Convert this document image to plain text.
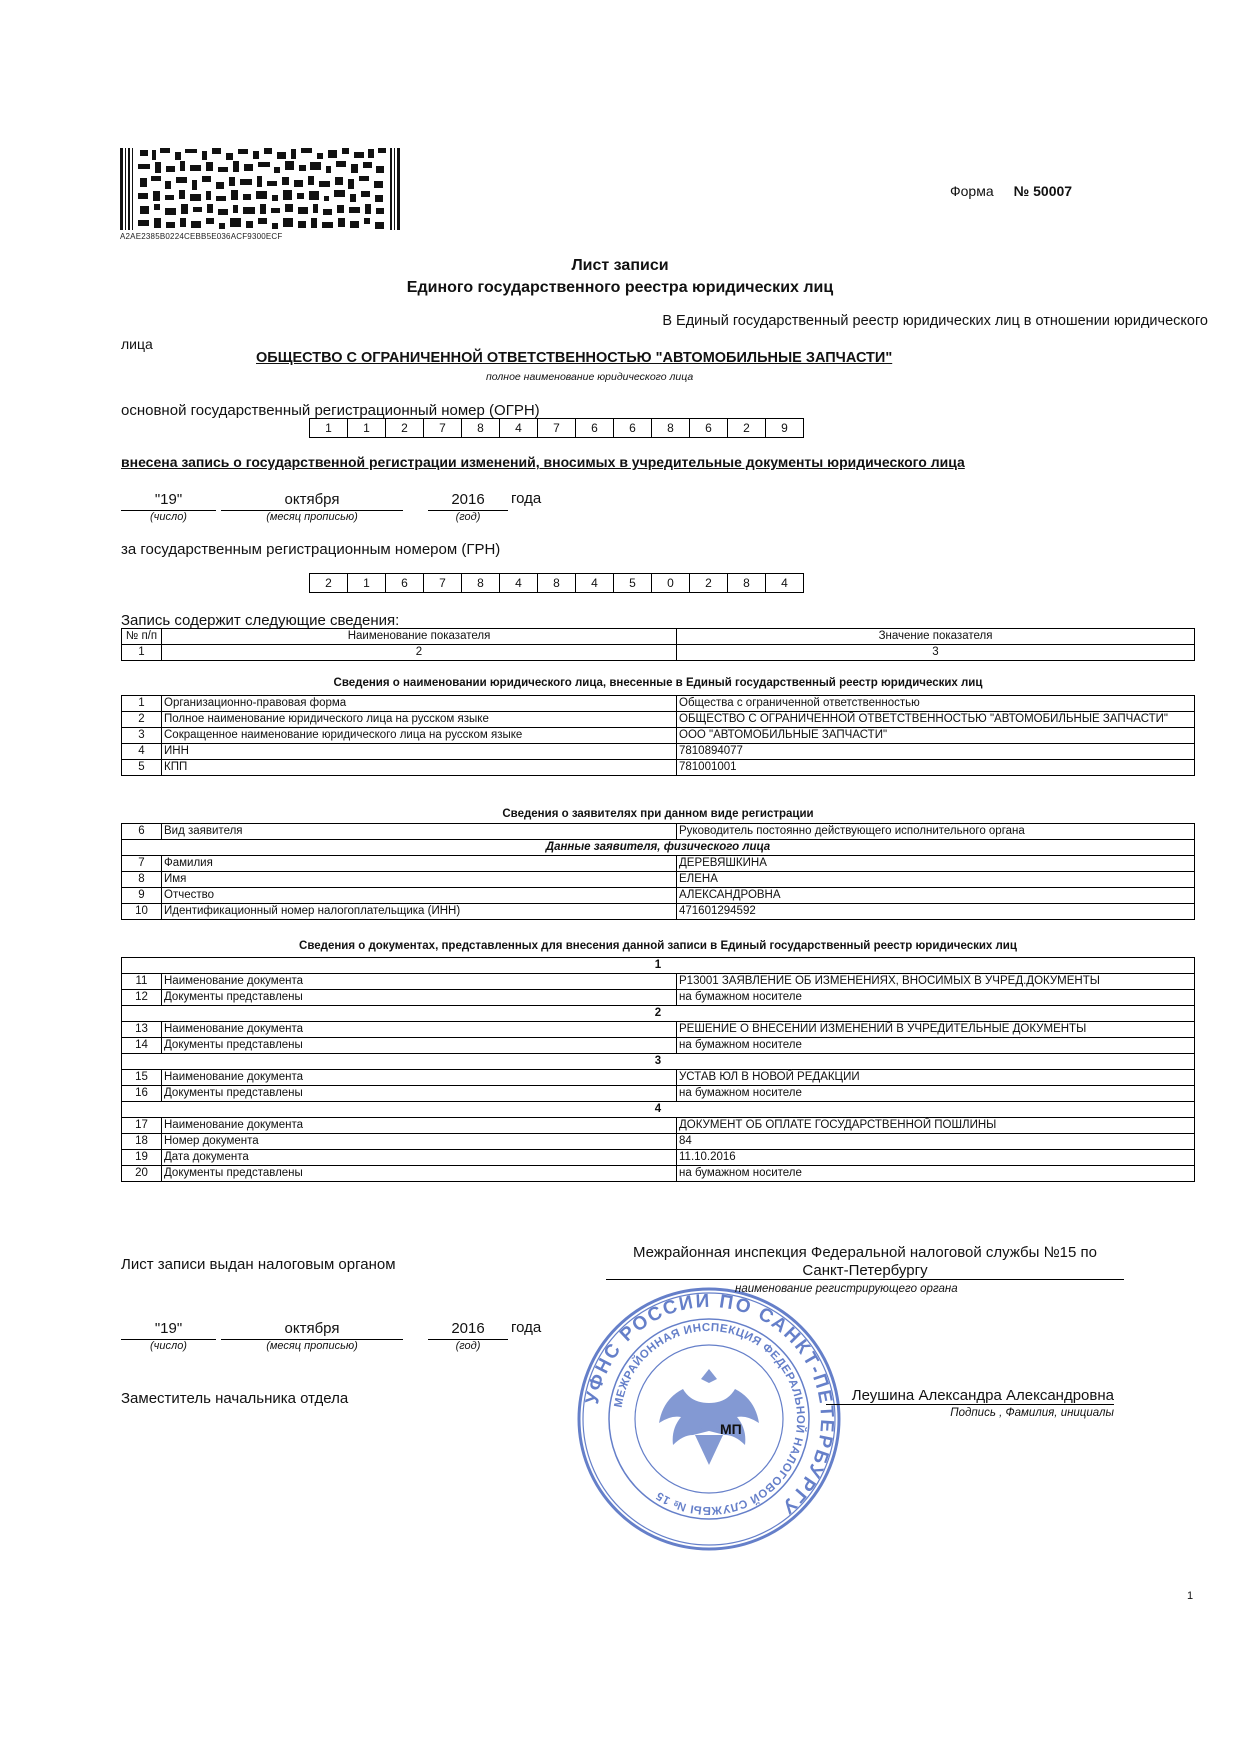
A2AE2385B0224CEBB5E036ACF9300ECF
Форма № 50007
Лист записи
Единого государственного реестра юридических лиц
В Единый государственный реестр юридических лиц в отношении юридического
лица
ОБЩЕСТВО С ОГРАНИЧЕННОЙ ОТВЕТСТВЕННОСТЬЮ "АВТОМОБИЛЬНЫЕ ЗАПЧАСТИ"
полное наименование юридического лица
основной государственный регистрационный номер (ОГРН)
1	1	2	7	8	4	7	6	6	8	6	2	9
внесена запись о государственной регистрации изменений, вносимых в учредительные документы юридического лица
"19"	октября	2016	года
(число)	(месяц прописью)	(год)
за государственным регистрационным номером (ГРН)
2	1	6	7	8	4	8	4	5	0	2	8	4
Запись содержит следующие сведения:
№ п/п	Наименование показателя	Значение показателя
1	2	3
Сведения о наименовании юридического лица, внесенные в Единый государственный реестр юридических лиц
1	Организационно-правовая форма	Общества с ограниченной ответственностью
2	Полное наименование юридического лица на русском языке	ОБЩЕСТВО С ОГРАНИЧЕННОЙ ОТВЕТСТВЕННОСТЬЮ "АВТОМОБИЛЬНЫЕ ЗАПЧАСТИ"
3	Сокращенное наименование юридического лица на русском языке	ООО "АВТОМОБИЛЬНЫЕ ЗАПЧАСТИ"
4	ИНН	7810894077
5	КПП	781001001
Сведения о заявителях при данном виде регистрации
6	Вид заявителя	Руководитель постоянно действующего исполнительного органа
Данные заявителя, физического лица		
7	Фамилия	ДЕРЕВЯШКИНА
8	Имя	ЕЛЕНА
9	Отчество	АЛЕКСАНДРОВНА
10	Идентификационный номер налогоплательщика (ИНН)	471601294592
Сведения о документах, представленных для внесения данной записи в Единый государственный реестр юридических лиц
1		
11	Наименование документа	Р13001 ЗАЯВЛЕНИЕ ОБ ИЗМЕНЕНИЯХ, ВНОСИМЫХ В УЧРЕД.ДОКУМЕНТЫ
12	Документы представлены	на бумажном носителе
2		
13	Наименование документа	РЕШЕНИЕ О ВНЕСЕНИИ ИЗМЕНЕНИЙ В УЧРЕДИТЕЛЬНЫЕ ДОКУМЕНТЫ
14	Документы представлены	на бумажном носителе
3		
15	Наименование документа	УСТАВ ЮЛ В НОВОЙ РЕДАКЦИИ
16	Документы представлены	на бумажном носителе
4		
17	Наименование документа	ДОКУМЕНТ ОБ ОПЛАТЕ ГОСУДАРСТВЕННОЙ ПОШЛИНЫ
18	Номер документа	84
19	Дата документа	11.10.2016
20	Документы представлены	на бумажном носителе
УФНС РОССИИ ПО САНКТ-ПЕТЕРБУРГУ
МЕЖРАЙОННАЯ ИНСПЕКЦИЯ ФЕДЕРАЛЬНОЙ НАЛОГОВОЙ СЛУЖБЫ № 15
Лист записи выдан налоговым органом
Межрайонная инспекция Федеральной налоговой службы №15 по
Санкт-Петербургу
наименование регистрирующего органа
"19"	октября	2016	года
(число)	(месяц прописью)	(год)
Заместитель начальника отдела	Леушина Александра Александровна
Подпись , Фамилия, инициалы
МП
1
